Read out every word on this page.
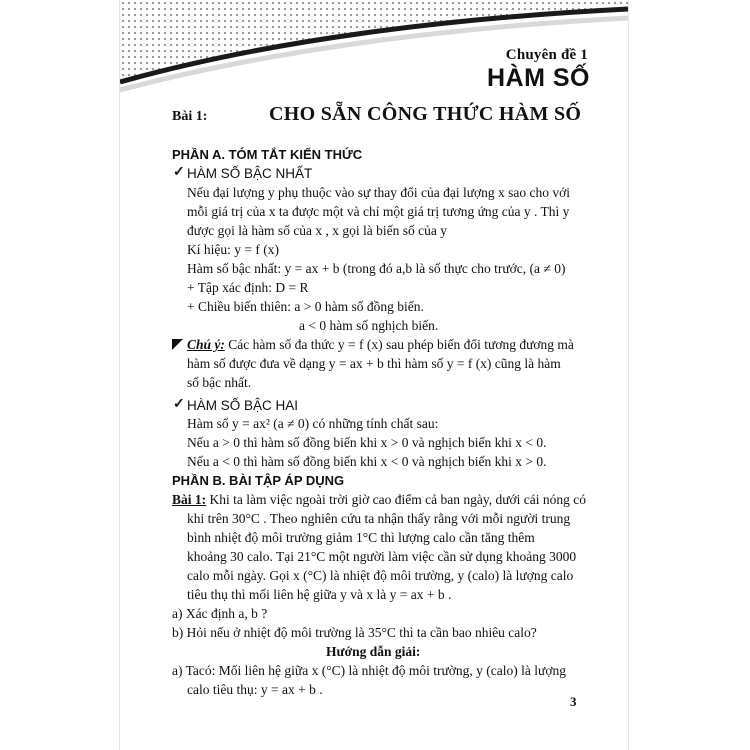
Chuyên đề 1
HÀM SỐ
Bài 1:	CHO SẴN CÔNG THỨC HÀM SỐ
PHẦN A. TÓM TẮT KIẾN THỨC
✓ HÀM SỐ BẬC NHẤT
Nếu đại lượng y phụ thuộc vào sự thay đổi của đại lượng x sao cho với
mỗi giá trị của x ta được một và chỉ một giá trị tương ứng của y . Thì y
được gọi là hàm số của x , x gọi là biến số của y
Kí hiệu: y = f (x)
Hàm số bậc nhất: y = ax + b (trong đó a,b là số thực cho trước, (a ≠ 0)
+ Tập xác định: D = R
+ Chiều biến thiên: a > 0 hàm số đồng biến.
a < 0 hàm số nghịch biến.
Chú ý: Các hàm số đa thức y = f (x) sau phép biến đổi tương đương mà
hàm số được đưa về dạng y = ax + b thì hàm số y = f (x) cũng là hàm
số bậc nhất.
✓ HÀM SỐ BẬC HAI
Hàm số y = ax² (a ≠ 0) có những tính chất sau:
Nếu a > 0 thì hàm số đồng biến khi x > 0 và nghịch biến khi x < 0.
Nếu a < 0 thì hàm số đồng biến khi x < 0 và nghịch biến khi x > 0.
PHẦN B. BÀI TẬP ÁP DỤNG
Bài 1: Khi ta làm việc ngoài trời giờ cao điểm cả ban ngày, dưới cái nóng có
khi trên 30°C . Theo nghiên cứu ta nhận thấy rằng với mỗi người trung
bình nhiệt độ môi trường giảm 1°C thì lượng calo cần tăng thêm
khoảng 30 calo. Tại 21°C một người làm việc cần sử dụng khoảng 3000
calo mỗi ngày. Gọi x (°C) là nhiệt độ môi trường, y (calo) là lượng calo
tiêu thụ thì mối liên hệ giữa y và x là y = ax + b .
a) Xác định a, b ?
b) Hỏi nếu ở nhiệt độ môi trường là 35°C thì ta cần bao nhiêu calo?
Hướng dẫn giải:
a) Tacó: Mối liên hệ giữa x (°C) là nhiệt độ môi trường, y (calo) là lượng
calo tiêu thụ: y = ax + b .
3
